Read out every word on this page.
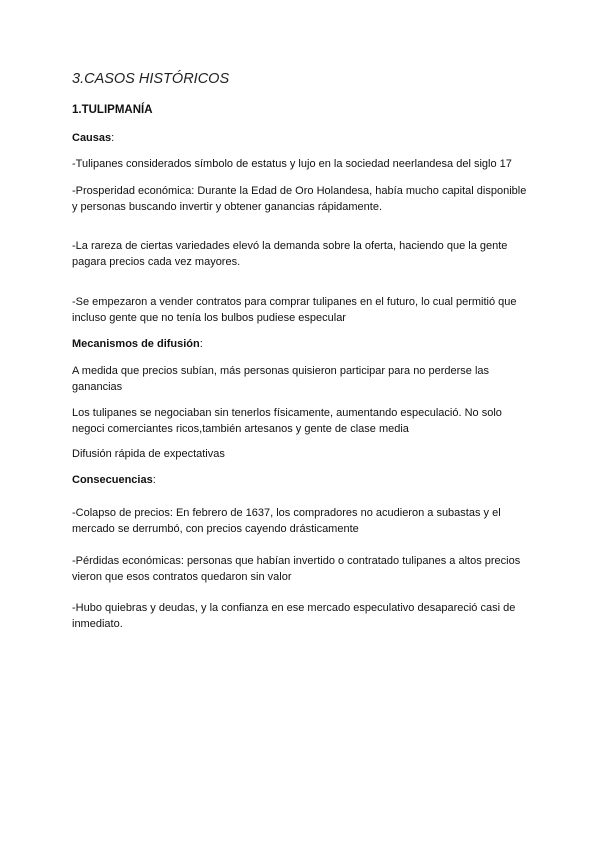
3.CASOS HISTÓRICOS
1.TULIPMANÍA

Causas:

-Tulipanes considerados símbolo de estatus y lujo en la sociedad neerlandesa del siglo 17

-Prosperidad económica: Durante la Edad de Oro Holandesa, había mucho capital disponible y personas buscando invertir y obtener ganancias rápidamente.

-La rareza de ciertas variedades elevó la demanda sobre la oferta, haciendo que la gente pagara precios cada vez mayores.

-Se empezaron a vender contratos para comprar tulipanes en el futuro, lo cual permitió que incluso gente que no tenía los bulbos pudiese especular

Mecanismos de difusión:

A medida que precios subían, más personas quisieron participar para no perderse las ganancias

Los tulipanes se negociaban sin tenerlos físicamente, aumentando especulació. No solo negoci comerciantes ricos,también artesanos y gente de clase media

Difusión rápida de expectativas

Consecuencias:

-Colapso de precios: En febrero de 1637, los compradores no acudieron a subastas y el mercado se derrumbó, con precios cayendo drásticamente

-Pérdidas económicas: personas que habían invertido o contratado tulipanes a altos precios vieron que esos contratos quedaron sin valor

-Hubo quiebras y deudas, y la confianza en ese mercado especulativo desapareció casi de inmediato.
